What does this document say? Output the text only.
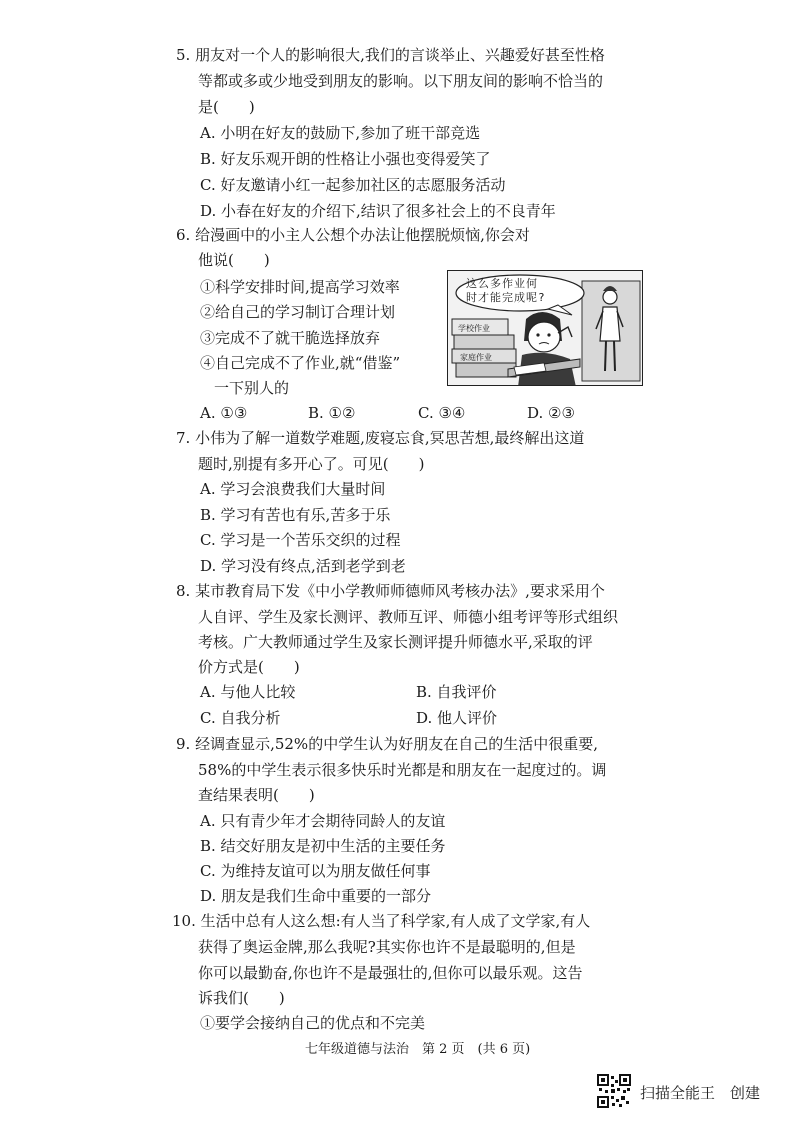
5. 朋友对一个人的影响很大,我们的言谈举止、兴趣爱好甚至性格
等都或多或少地受到朋友的影响。以下朋友间的影响不恰当的
是(　　)
A. 小明在好友的鼓励下,参加了班干部竞选
B. 好友乐观开朗的性格让小强也变得爱笑了
C. 好友邀请小红一起参加社区的志愿服务活动
D. 小春在好友的介绍下,结识了很多社会上的不良青年
6. 给漫画中的小主人公想个办法让他摆脱烦恼,你会对
他说(　　)
①科学安排时间,提高学习效率
②给自己的学习制订合理计划
③完成不了就干脆选择放弃
④自己完成不了作业,就“借鉴”
一下别人的
这么多作业何
时才能完成呢?
学校作业
家庭作业
A. ①③	B. ①②	C. ③④	D. ②③
7. 小伟为了解一道数学难题,废寝忘食,冥思苦想,最终解出这道
题时,别提有多开心了。可见(　　)
A. 学习会浪费我们大量时间
B. 学习有苦也有乐,苦多于乐
C. 学习是一个苦乐交织的过程
D. 学习没有终点,活到老学到老
8. 某市教育局下发《中小学教师师德师风考核办法》,要求采用个
人自评、学生及家长测评、教师互评、师德小组考评等形式组织
考核。广大教师通过学生及家长测评提升师德水平,采取的评
价方式是(　　)
A. 与他人比较	B. 自我评价
C. 自我分析	D. 他人评价
9. 经调查显示,52%的中学生认为好朋友在自己的生活中很重要,
58%的中学生表示很多快乐时光都是和朋友在一起度过的。调
查结果表明(　　)
A. 只有青少年才会期待同龄人的友谊
B. 结交好朋友是初中生活的主要任务
C. 为维持友谊可以为朋友做任何事
D. 朋友是我们生命中重要的一部分
10. 生活中总有人这么想:有人当了科学家,有人成了文学家,有人
获得了奥运金牌,那么我呢?其实你也许不是最聪明的,但是
你可以最勤奋,你也许不是最强壮的,但你可以最乐观。这告
诉我们(　　)
①要学会接纳自己的优点和不完美
七年级道德与法治　第 2 页　(共 6 页)
扫描全能王　创建
